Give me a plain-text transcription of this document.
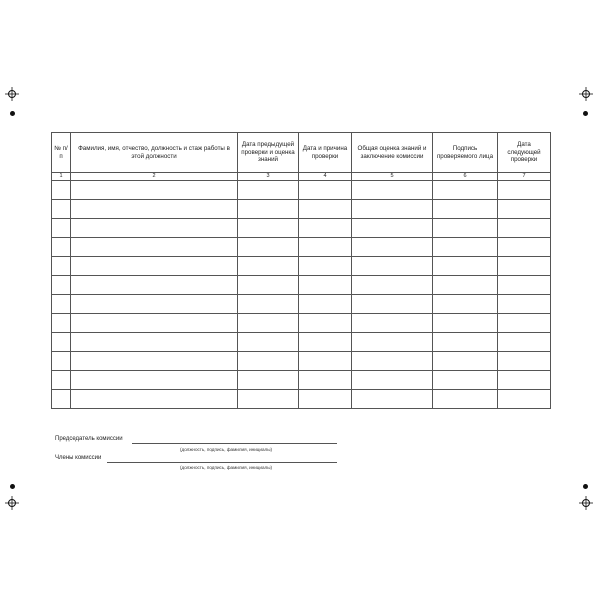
№ п/п	Фамилия, имя, отчество, должность и стаж работы в этой должности	Дата предыдущей проверки и оценка знаний	Дата и причина проверки	Общая оценка знаний и заключение комиссии	Подпись проверяемого лица	Дата следующей проверки
1	2	3	4	5	6	7

Председатель комиссии
(должность, подпись, фамилия, инициалы)
Члены комиссии
(должность, подпись, фамилия, инициалы)
